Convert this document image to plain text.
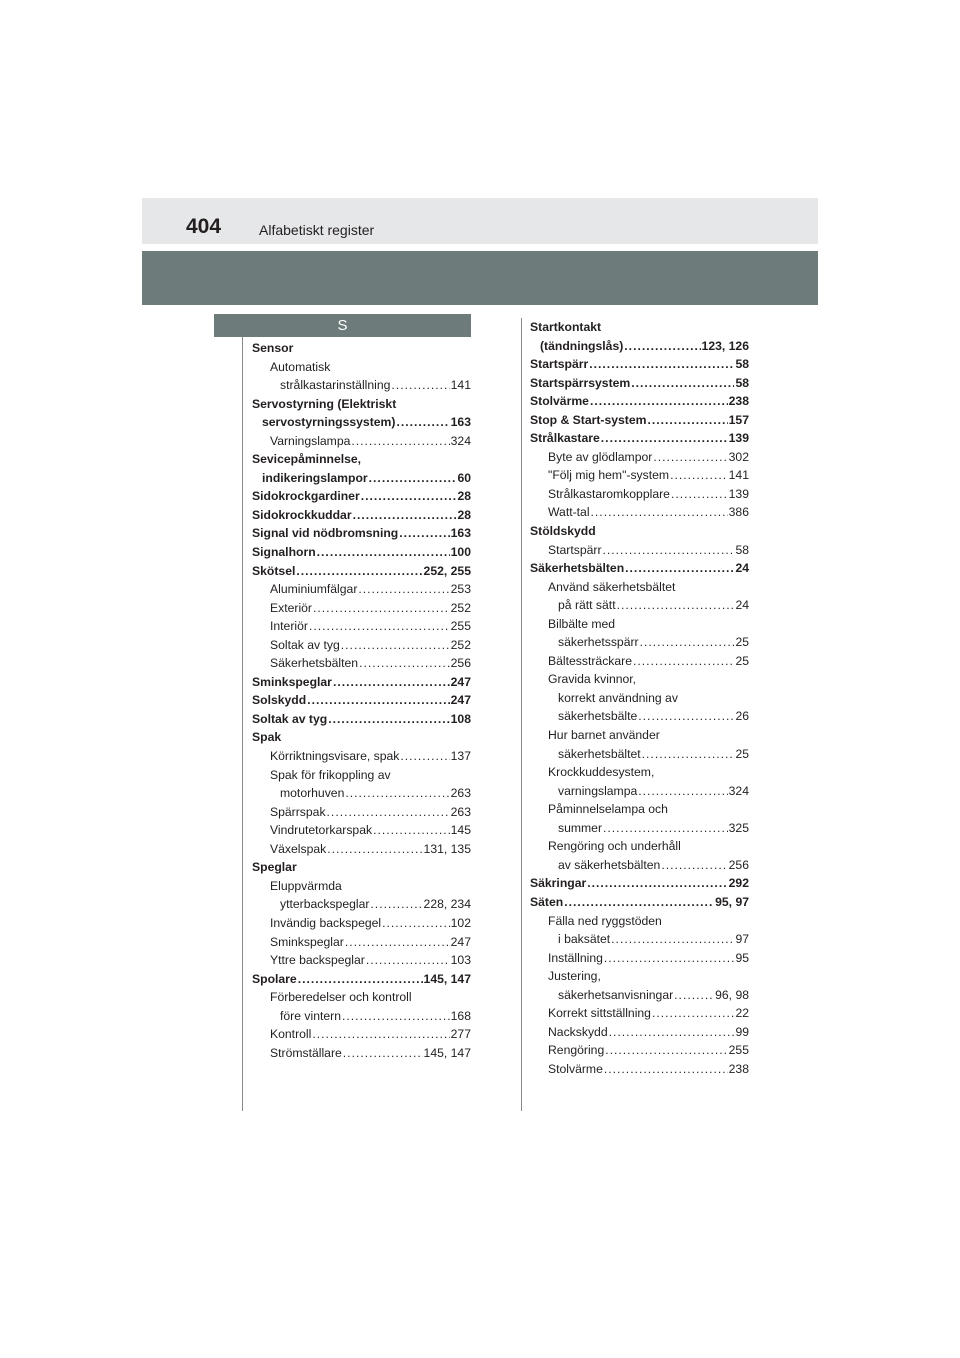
404	Alfabetiskt register
S
Sensor
Automatisk
strålkastarinställning .....	141
Servostyrning (Elektriskt
servostyrningssystem) .....	163
Varningslampa .....	324
Sevicepåminnelse,
indikeringslampor .....	60
Sidokrockgardiner .....	28
Sidokrockkuddar .....	28
Signal vid nödbromsning .....	163
Signalhorn .....	100
Skötsel .....	252, 255
Aluminiumfälgar .....	253
Exteriör .....	252
Interiör .....	255
Soltak av tyg .....	252
Säkerhetsbälten .....	256
Sminkspeglar .....	247
Solskydd .....	247
Soltak av tyg .....	108
Spak
Körriktningsvisare, spak .....	137
Spak för frikoppling av
motorhuven .....	263
Spärrspak .....	263
Vindrutetorkarspak .....	145
Växelspak .....	131, 135
Speglar
Eluppvärmda
ytterbackspeglar .....	228, 234
Invändig backspegel .....	102
Sminkspeglar .....	247
Yttre backspeglar .....	103
Spolare .....	145, 147
Förberedelser och kontroll
före vintern .....	168
Kontroll .....	277
Strömställare .....	145, 147
Startkontakt
(tändningslås) .....	123, 126
Startspärr .....	58
Startspärrsystem .....	58
Stolvärme .....	238
Stop & Start-system .....	157
Strålkastare .....	139
Byte av glödlampor .....	302
"Följ mig hem"-system .....	141
Strålkastaromkopplare .....	139
Watt-tal .....	386
Stöldskydd
Startspärr .....	58
Säkerhetsbälten .....	24
Använd säkerhetsbältet
på rätt sätt .....	24
Bilbälte med
säkerhetsspärr .....	25
Bältessträckare .....	25
Gravida kvinnor,
korrekt användning av
säkerhetsbälte .....	26
Hur barnet använder
säkerhetsbältet .....	25
Krockkuddesystem,
varningslampa .....	324
Påminnelselampa och
summer .....	325
Rengöring och underhåll
av säkerhetsbälten .....	256
Säkringar .....	292
Säten .....	95, 97
Fälla ned ryggstöden
i baksätet .....	97
Inställning .....	95
Justering,
säkerhetsanvisningar .....	96, 98
Korrekt sittställning .....	22
Nackskydd .....	99
Rengöring .....	255
Stolvärme .....	238
